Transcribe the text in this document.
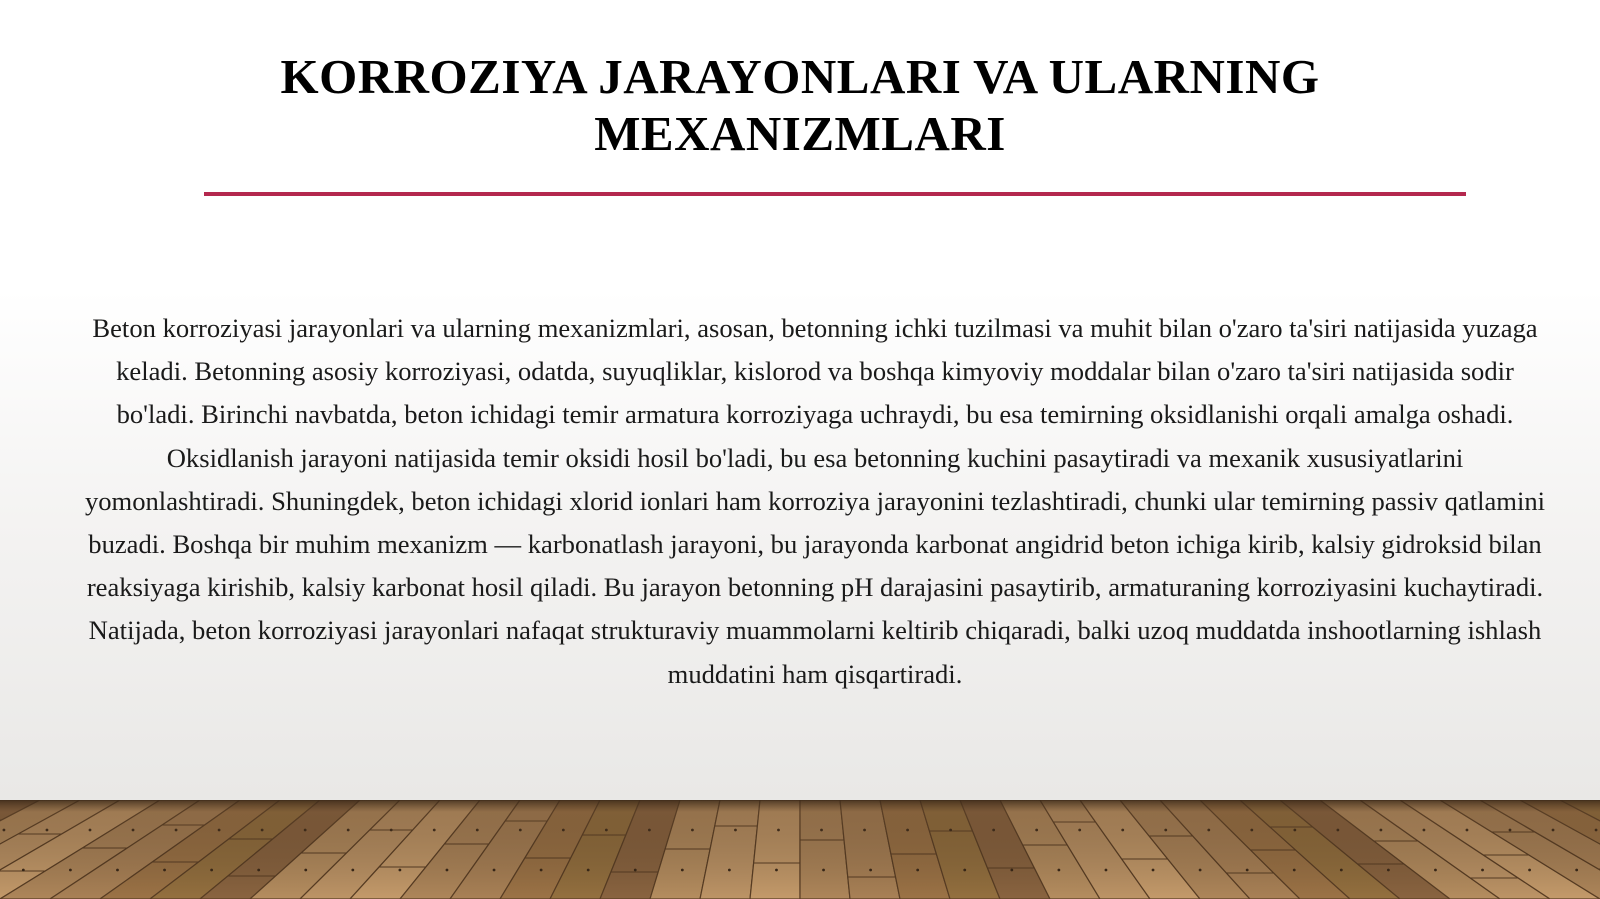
KORROZIYA JARAYONLARI VA ULARNING MEXANIZMLARI

Beton korroziyasi jarayonlari va ularning mexanizmlari, asosan, betonning ichki tuzilmasi va muhit bilan o'zaro ta'siri natijasida yuzaga keladi. Betonning asosiy korroziyasi, odatda, suyuqliklar, kislorod va boshqa kimyoviy moddalar bilan o'zaro ta'siri natijasida sodir bo'ladi. Birinchi navbatda, beton ichidagi temir armatura korroziyaga uchraydi, bu esa temirning oksidlanishi orqali amalga oshadi. Oksidlanish jarayoni natijasida temir oksidi hosil bo'ladi, bu esa betonning kuchini pasaytiradi va mexanik xususiyatlarini yomonlashtiradi. Shuningdek, beton ichidagi xlorid ionlari ham korroziya jarayonini tezlashtiradi, chunki ular temirning passiv qatlamini buzadi. Boshqa bir muhim mexanizm — karbonatlash jarayoni, bu jarayonda karbonat angidrid beton ichiga kirib, kalsiy gidroksid bilan reaksiyaga kirishib, kalsiy karbonat hosil qiladi. Bu jarayon betonning pH darajasini pasaytirib, armaturaning korroziyasini kuchaytiradi. Natijada, beton korroziyasi jarayonlari nafaqat strukturaviy muammolarni keltirib chiqaradi, balki uzoq muddatda inshootlarning ishlash muddatini ham qisqartiradi.
